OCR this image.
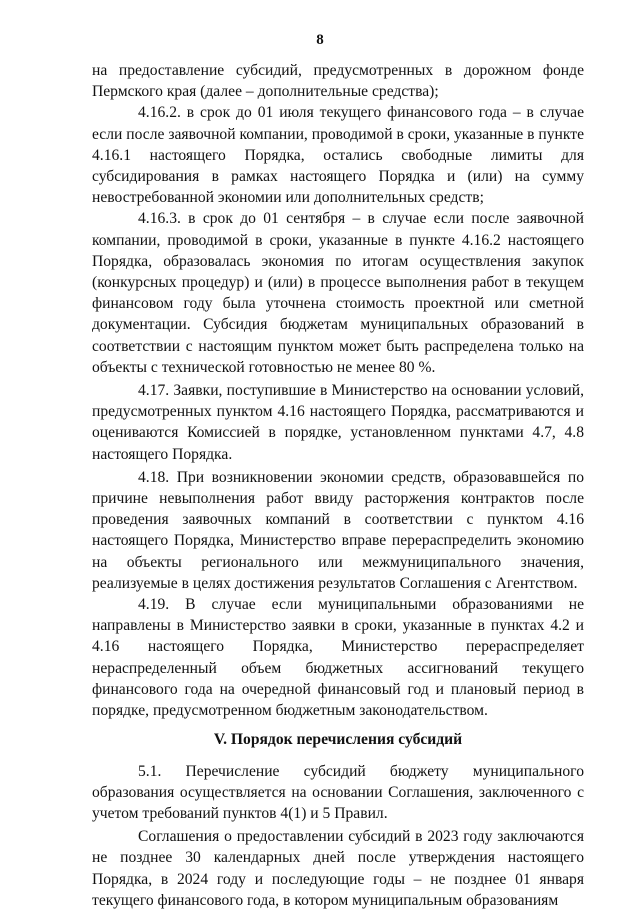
8

на предоставление субсидий, предусмотренных в дорожном фонде Пермского края (далее – дополнительные средства);

4.16.2. в срок до 01 июля текущего финансового года – в случае если после заявочной компании, проводимой в сроки, указанные в пункте 4.16.1 настоящего Порядка, остались свободные лимиты для субсидирования в рамках настоящего Порядка и (или) на сумму невостребованной экономии или дополнительных средств;

4.16.3. в срок до 01 сентября – в случае если после заявочной компании, проводимой в сроки, указанные в пункте 4.16.2 настоящего Порядка, образовалась экономия по итогам осуществления закупок (конкурсных процедур) и (или) в процессе выполнения работ в текущем финансовом году была уточнена стоимость проектной или сметной документации. Субсидия бюджетам муниципальных образований в соответствии с настоящим пунктом может быть распределена только на объекты с технической готовностью не менее 80 %.

4.17. Заявки, поступившие в Министерство на основании условий, предусмотренных пунктом 4.16 настоящего Порядка, рассматриваются и оцениваются Комиссией в порядке, установленном пунктами 4.7, 4.8 настоящего Порядка.

4.18. При возникновении экономии средств, образовавшейся по причине невыполнения работ ввиду расторжения контрактов после проведения заявочных компаний в соответствии с пунктом 4.16 настоящего Порядка, Министерство вправе перераспределить экономию на объекты регионального или межмуниципального значения, реализуемые в целях достижения результатов Соглашения с Агентством.

4.19. В случае если муниципальными образованиями не направлены в Министерство заявки в сроки, указанные в пунктах 4.2 и 4.16 настоящего Порядка, Министерство перераспределяет нераспределенный объем бюджетных ассигнований текущего финансового года на очередной финансовый год и плановый период в порядке, предусмотренном бюджетным законодательством.

V. Порядок перечисления субсидий

5.1. Перечисление субсидий бюджету муниципального образования осуществляется на основании Соглашения, заключенного с учетом требований пунктов 4(1) и 5 Правил.

Соглашения о предоставлении субсидий в 2023 году заключаются не позднее 30 календарных дней после утверждения настоящего Порядка, в 2024 году и последующие годы – не позднее 01 января текущего финансового года, в котором муниципальным образованиям
